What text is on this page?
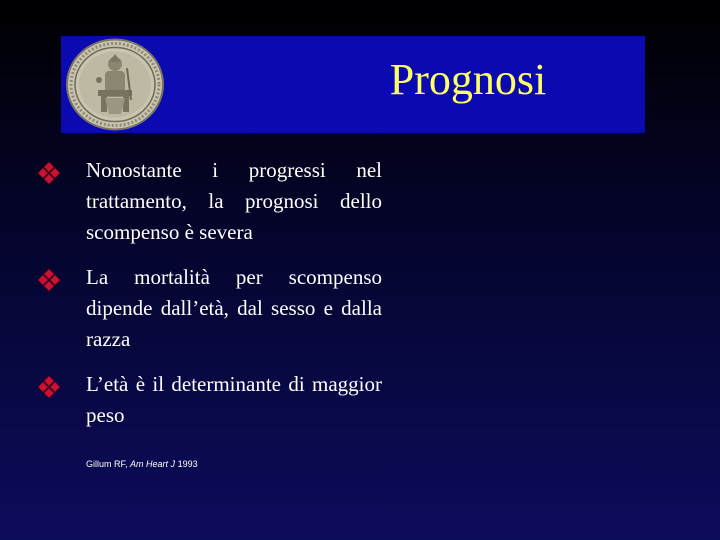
Prognosi
Nonostante i progressi nel trattamento, la prognosi dello scompenso è severa
La mortalità per scompenso dipende dall’età, dal sesso e dalla razza
L’età è il determinante di maggior peso
Gillum RF, Am Heart J 1993
